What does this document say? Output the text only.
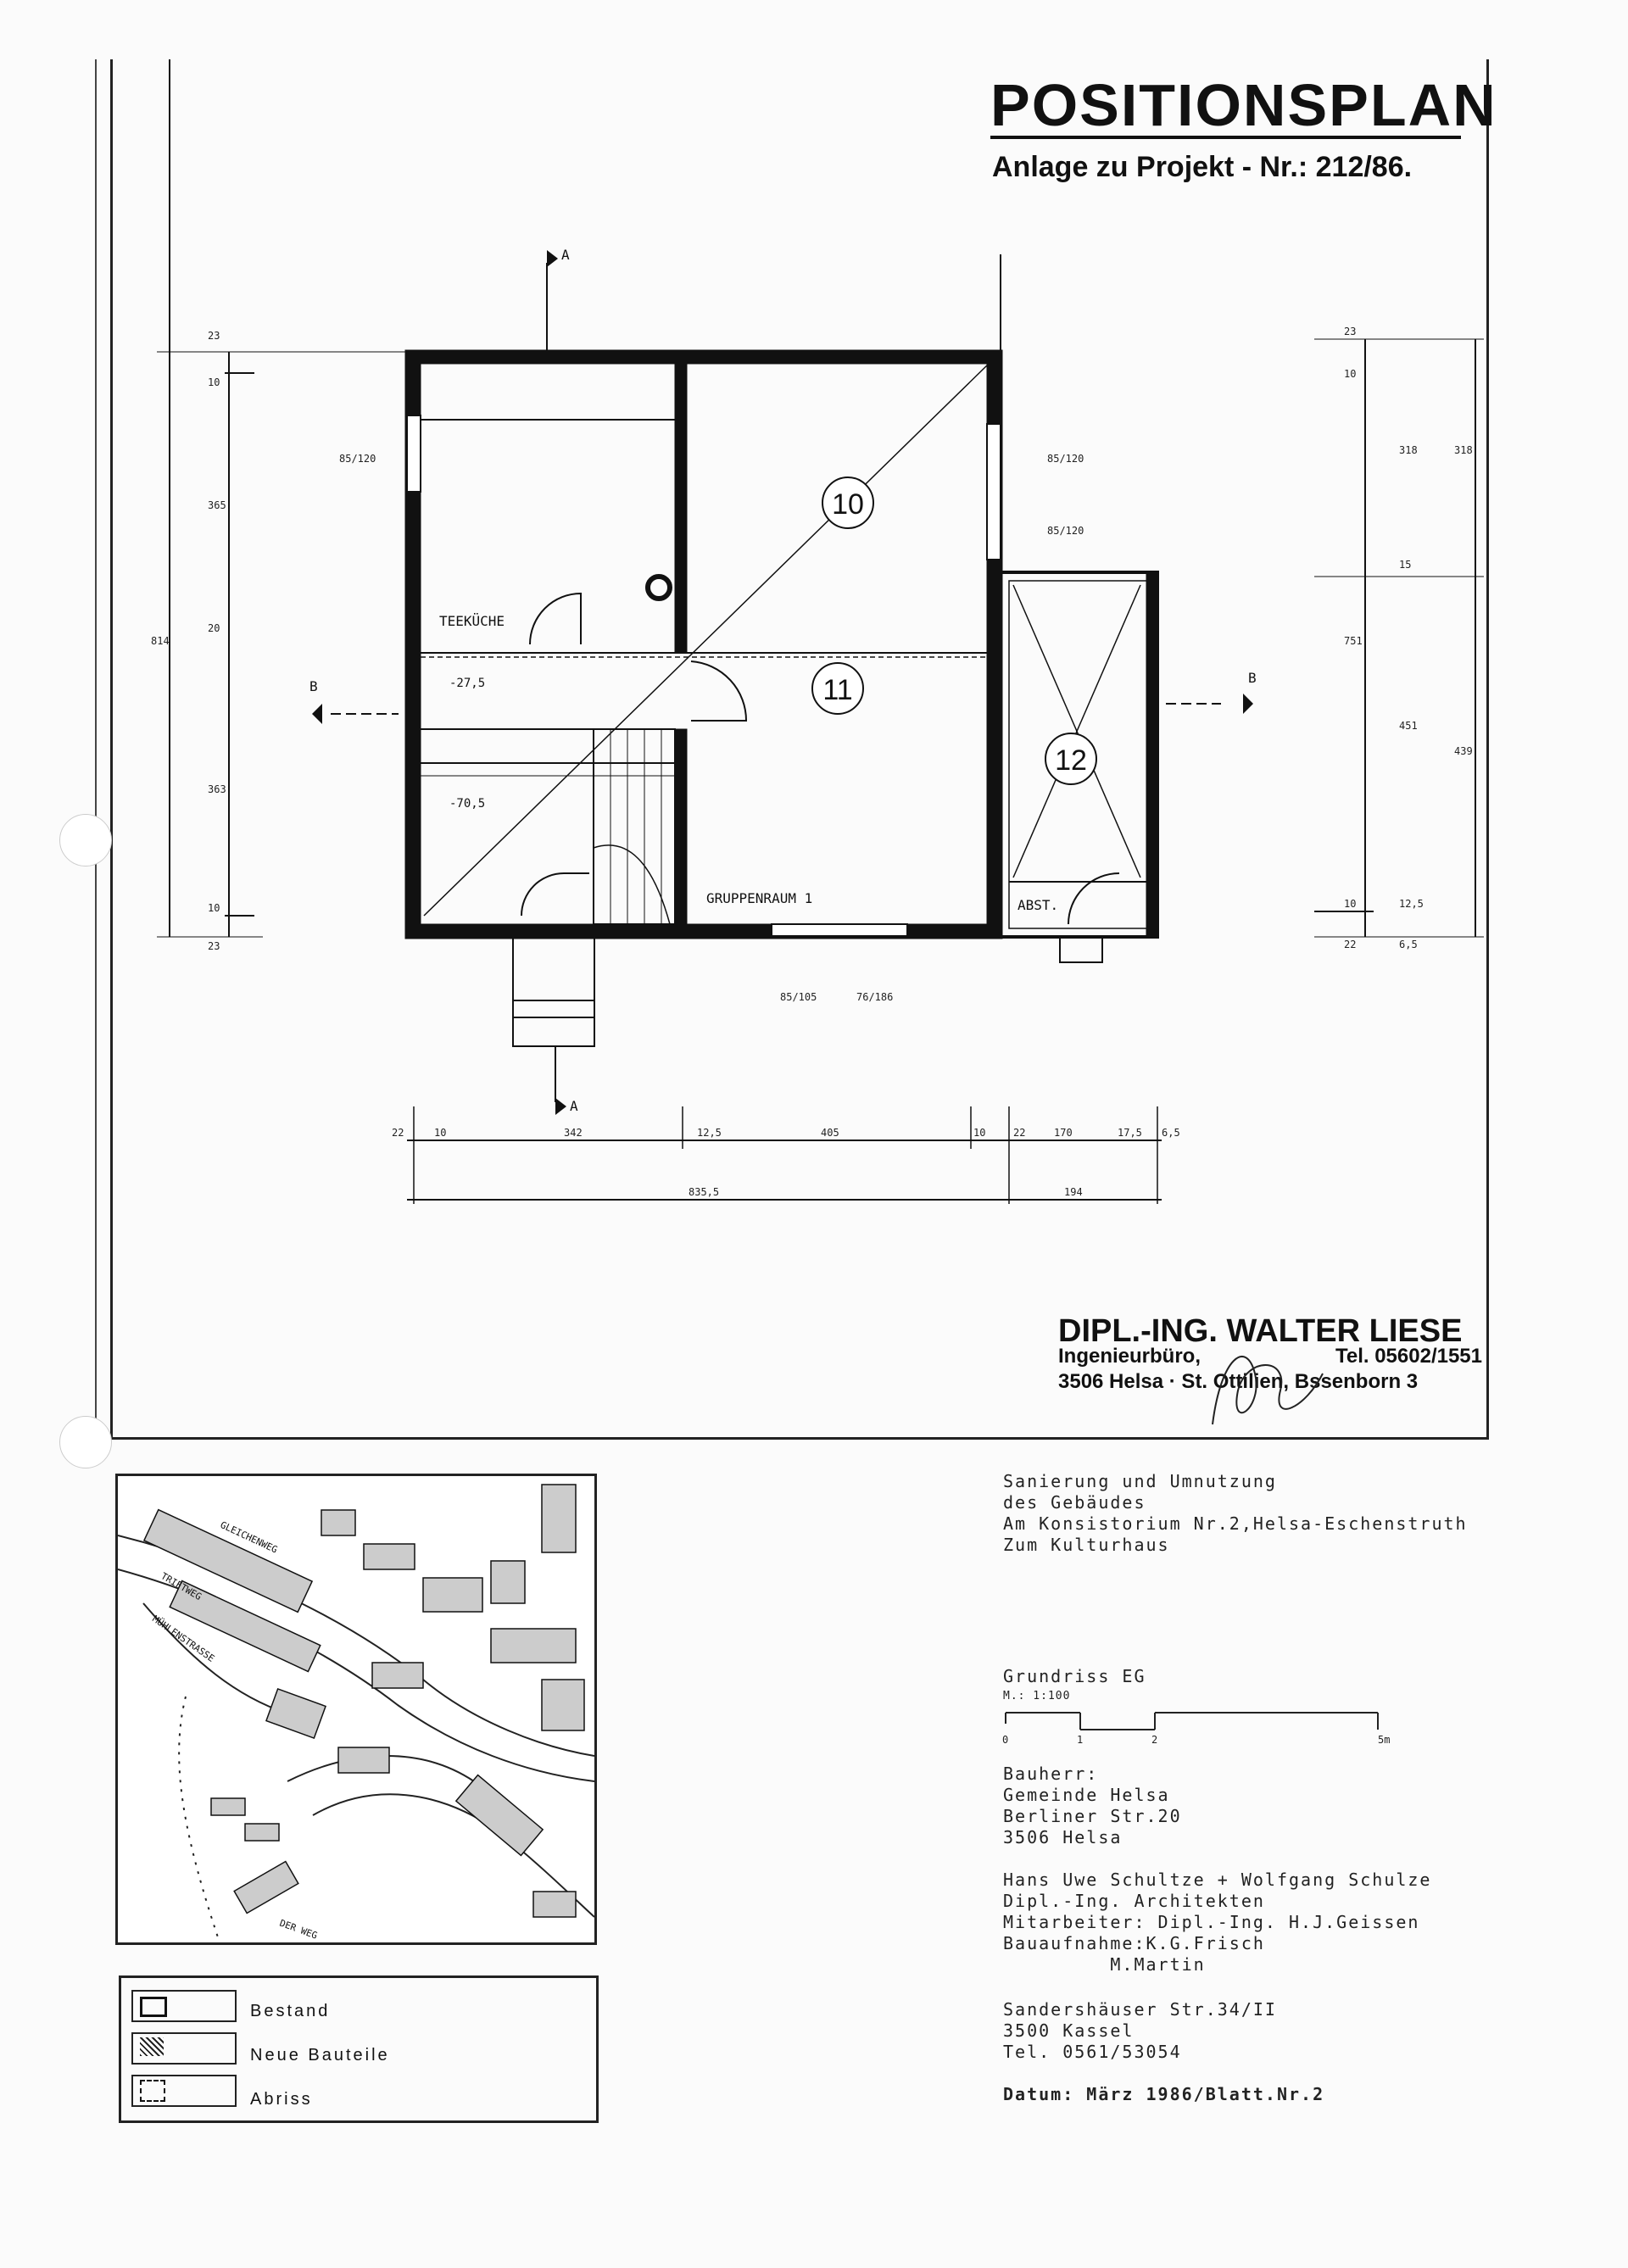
POSITIONSPLAN
Anlage zu Projekt - Nr.: 212/86.
10
11
12
TEEKÜCHE
GRUPPENRAUM 1	ABST.
A
A
B
B
-27,5
-70,5
85/120	85/120
85/120
85/105	76/186
23
10
365
20
363
10
23
814
23
10
318	318
15
751
451
10	12,5
6,5
439
22
22	10	342	12,5	405	10	22	170	17,5 6,5
835,5	194
DIPL.-ING. WALTER LIESE
Ingenieurbüro,	Tel. 05602/1551
3506 Helsa · St. Ottilien, Bssenborn 3
GLEICHENWEG
TRIFTWEG
MÜHLENSTRASSE
DER WEG
Bestand
Neue Bauteile
Abriss
Sanierung und Umnutzung
des Gebäudes
Am Konsistorium Nr.2,Helsa-Eschenstruth
Zum Kulturhaus
Grundriss EG
M.: 1:100
0	1	2	5m
Bauherr:
Gemeinde Helsa
Berliner Str.20
3506 Helsa
Hans Uwe Schultze + Wolfgang Schulze
Dipl.-Ing. Architekten
Mitarbeiter: Dipl.-Ing. H.J.Geissen
Bauaufnahme:K.G.Frisch
M.Martin
Sandershäuser Str.34/II
3500 Kassel
Tel. 0561/53054
Datum: März 1986/Blatt.Nr.2
